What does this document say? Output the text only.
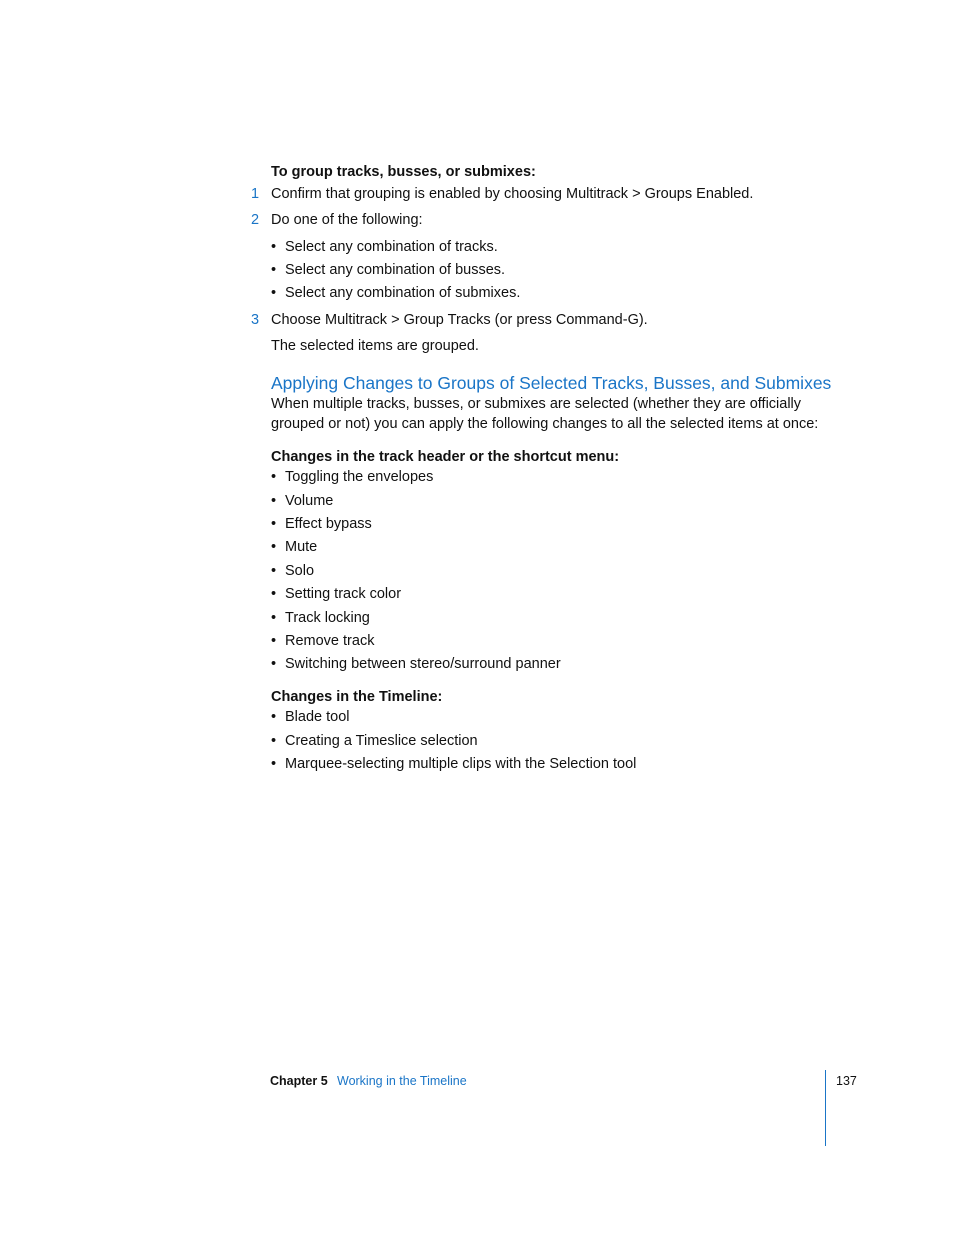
To group tracks, busses, or submixes:
1 Confirm that grouping is enabled by choosing Multitrack > Groups Enabled.
2 Do one of the following:
• Select any combination of tracks.
• Select any combination of busses.
• Select any combination of submixes.
3 Choose Multitrack > Group Tracks (or press Command-G).
The selected items are grouped.
Applying Changes to Groups of Selected Tracks, Busses, and Submixes
When multiple tracks, busses, or submixes are selected (whether they are officially
grouped or not) you can apply the following changes to all the selected items at once:
Changes in the track header or the shortcut menu:
• Toggling the envelopes
• Volume
• Effect bypass
• Mute
• Solo
• Setting track color
• Track locking
• Remove track
• Switching between stereo/surround panner
Changes in the Timeline:
• Blade tool
• Creating a Timeslice selection
• Marquee-selecting multiple clips with the Selection tool
Chapter 5 Working in the Timeline	137
